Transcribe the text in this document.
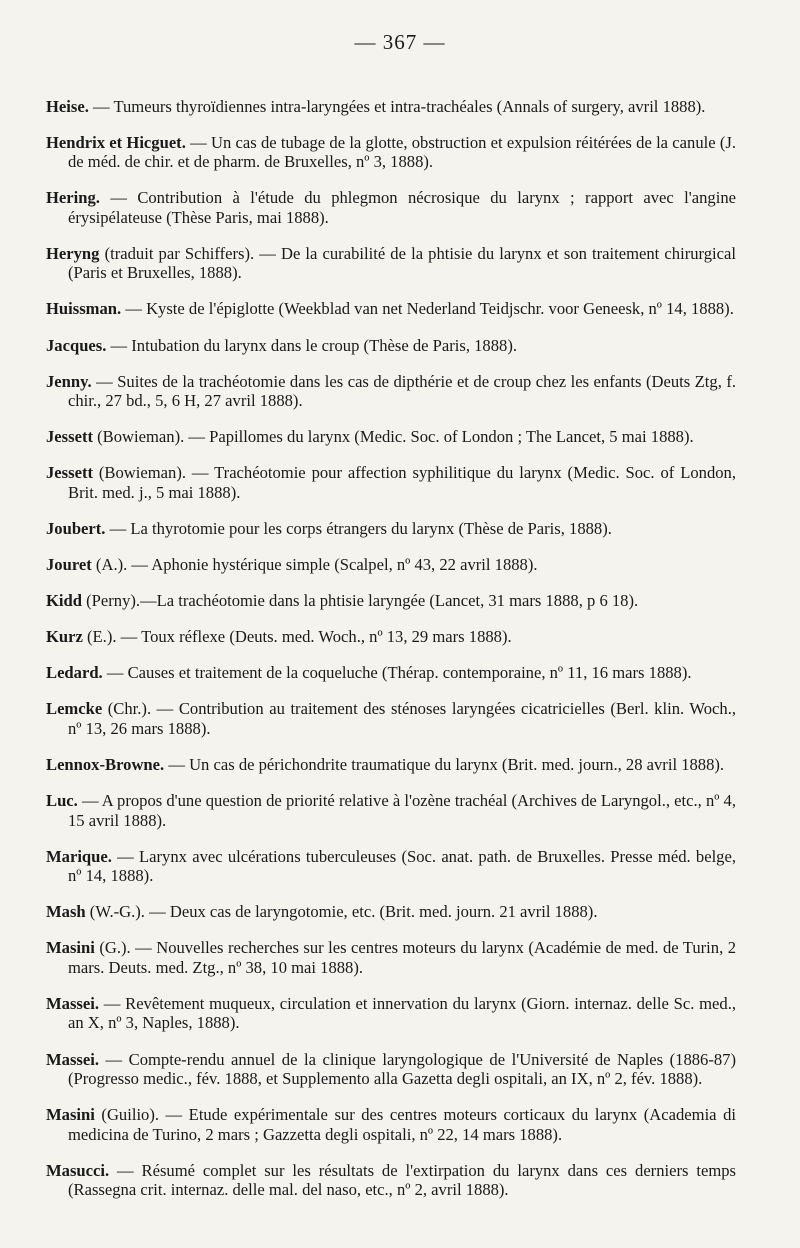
— 367 —

Heise. — Tumeurs thyroïdiennes intra-laryngées et intra-trachéales (Annals of surgery, avril 1888).

Hendrix et Hicguet. — Un cas de tubage de la glotte, obstruction et expulsion réitérées de la canule (J. de méd. de chir. et de pharm. de Bruxelles, nº 3, 1888).

Hering. — Contribution à l'étude du phlegmon nécrosique du larynx ; rapport avec l'angine érysipélateuse (Thèse Paris, mai 1888).

Heryng (traduit par Schiffers). — De la curabilité de la phtisie du larynx et son traitement chirurgical (Paris et Bruxelles, 1888).

Huissman. — Kyste de l'épiglotte (Weekblad van net Nederland Teidjschr. voor Geneesk, nº 14, 1888).

Jacques. — Intubation du larynx dans le croup (Thèse de Paris, 1888).

Jenny. — Suites de la trachéotomie dans les cas de dipthérie et de croup chez les enfants (Deuts Ztg, f. chir., 27 bd., 5, 6 H, 27 avril 1888).

Jessett (Bowieman). — Papillomes du larynx (Medic. Soc. of London ; The Lancet, 5 mai 1888).

Jessett (Bowieman). — Trachéotomie pour affection syphilitique du larynx (Medic. Soc. of London, Brit. med. j., 5 mai 1888).

Joubert. — La thyrotomie pour les corps étrangers du larynx (Thèse de Paris, 1888).

Jouret (A.). — Aphonie hystérique simple (Scalpel, nº 43, 22 avril 1888).

Kidd (Perny).—La trachéotomie dans la phtisie laryngée (Lancet, 31 mars 1888, p 6 18).

Kurz (E.). — Toux réflexe (Deuts. med. Woch., nº 13, 29 mars 1888).

Ledard. — Causes et traitement de la coqueluche (Thérap. contemporaine, nº 11, 16 mars 1888).

Lemcke (Chr.). — Contribution au traitement des sténoses laryngées cicatricielles (Berl. klin. Woch., nº 13, 26 mars 1888).

Lennox-Browne. — Un cas de périchondrite traumatique du larynx (Brit. med. journ., 28 avril 1888).

Luc. — A propos d'une question de priorité relative à l'ozène trachéal (Archives de Laryngol., etc., nº 4, 15 avril 1888).

Marique. — Larynx avec ulcérations tuberculeuses (Soc. anat. path. de Bruxelles. Presse méd. belge, nº 14, 1888).

Mash (W.-G.). — Deux cas de laryngotomie, etc. (Brit. med. journ. 21 avril 1888).

Masini (G.). — Nouvelles recherches sur les centres moteurs du larynx (Académie de med. de Turin, 2 mars. Deuts. med. Ztg., nº 38, 10 mai 1888).

Massei. — Revêtement muqueux, circulation et innervation du larynx (Giorn. internaz. delle Sc. med., an X, nº 3, Naples, 1888).

Massei. — Compte-rendu annuel de la clinique laryngologique de l'Université de Naples (1886-87) (Progresso medic., fév. 1888, et Supplemento alla Gazetta degli ospitali, an IX, nº 2, fév. 1888).

Masini (Guilio). — Etude expérimentale sur des centres moteurs corticaux du larynx (Academia di medicina de Turino, 2 mars ; Gazzetta degli ospitali, nº 22, 14 mars 1888).

Masucci. — Résumé complet sur les résultats de l'extirpation du larynx dans ces derniers temps (Rassegna crit. internaz. delle mal. del naso, etc., nº 2, avril 1888).
